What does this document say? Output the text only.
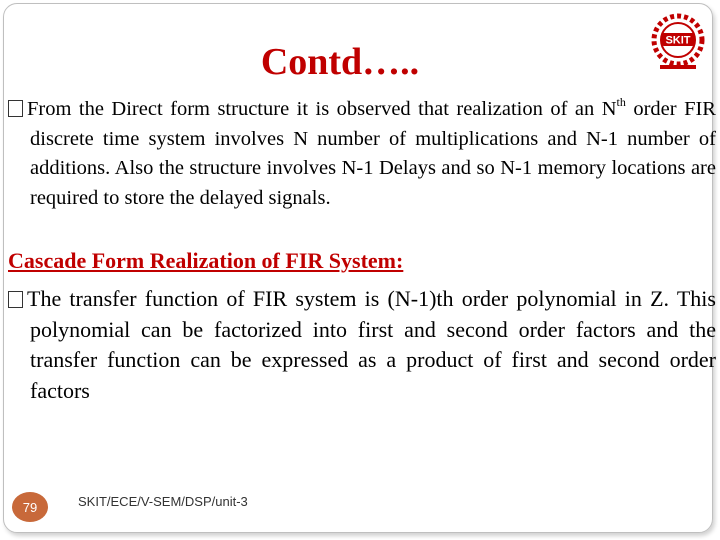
Contd…..
SKIT

From the Direct form structure it is observed that realization of an $N^{th}$ order FIR discrete time system involves N number of multiplications and N-1 number of additions. Also the structure involves N-1 Delays and so N-1 memory locations are required to store the delayed signals.

Cascade Form Realization of FIR System:

The transfer function of FIR system is (N-1)th order polynomial in Z. This polynomial can be factorized into first and second order factors and the transfer function can be expressed as a product of first and second order factors

79	SKIT/ECE/V-SEM/DSP/unit-3
